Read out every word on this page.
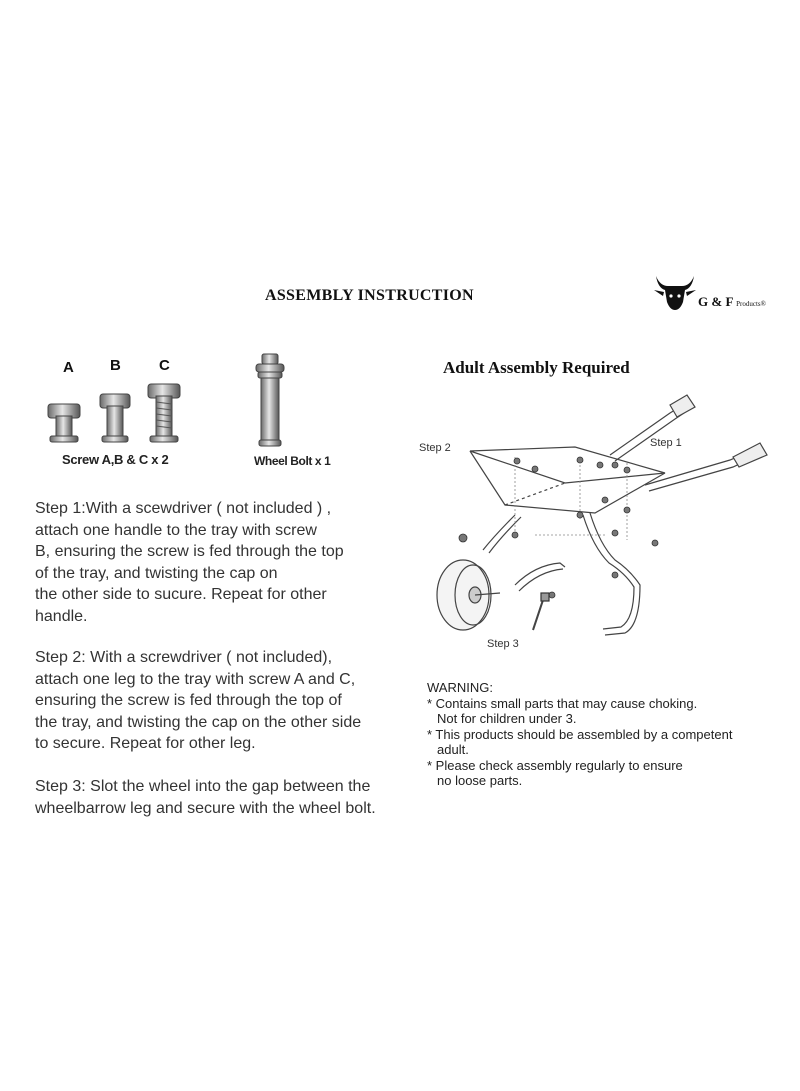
ASSEMBLY INSTRUCTION	G & F Products®
A B	C
Screw A,B & C x 2	Wheel Bolt x 1
Adult Assembly Required
Step 1
Step 2
Step 3

Step 1:With a scewdriver ( not included ) ,

attach one handle to the tray with screw

B, ensuring the screw is fed through the top

of the tray, and twisting the cap on

the other side to sucure. Repeat for other

handle.

Step 2: With a screwdriver ( not included),

attach one leg to the tray with screw A and C,

ensuring the screw is fed through the top of

the tray, and twisting the cap on the other side

to secure. Repeat for other leg.

Step 3: Slot the wheel into the gap between the

wheelbarrow leg and secure with the wheel bolt.

WARNING:
* Contains small parts that may cause choking.
Not for children under 3.
* This products should be assembled by a competent
adult.
* Please check assembly regularly to ensure
no loose parts.
